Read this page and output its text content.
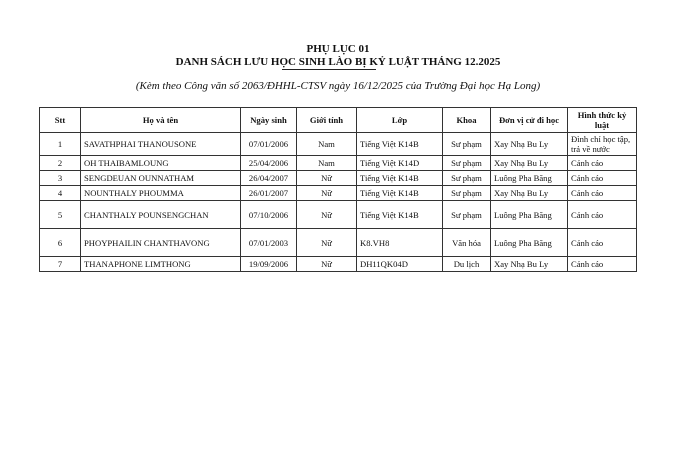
PHỤ LỤC 01
DANH SÁCH LƯU HỌC SINH LÀO BỊ KỶ LUẬT THÁNG 12.2025
(Kèm theo Công văn số 2063/ĐHHL-CTSV ngày 16/12/2025 của Trường Đại học Hạ Long)
Stt	Họ và tên	Ngày sinh	Giới tính	Lớp	Khoa	Đơn vị cử đi học	Hình thức kỷ luật
1	SAVATHPHAI THANOUSONE	07/01/2006	Nam	Tiếng Việt K14B	Sư phạm	Xay Nhạ Bu Ly	Đình chỉ học tập, trả về nước
2	OH THAIBAMLOUNG	25/04/2006	Nam	Tiếng Việt K14D	Sư phạm	Xay Nhạ Bu Ly	Cảnh cáo
3	SENGDEUAN OUNNATHAM	26/04/2007	Nữ	Tiếng Việt K14B	Sư phạm	Luông Pha Băng	Cảnh cáo
4	NOUNTHALY PHOUMMA	26/01/2007	Nữ	Tiếng Việt K14B	Sư phạm	Xay Nhạ Bu Ly	Cảnh cáo
5	CHANTHALY POUNSENGCHAN	07/10/2006	Nữ	Tiếng Việt K14B	Sư phạm	Luông Pha Băng	Cảnh cáo
6	PHOYPHAILIN CHANTHAVONG	07/01/2003	Nữ	K8.VH8	Văn hóa	Luông Pha Băng	Cảnh cáo
7	THANAPHONE LIMTHONG	19/09/2006	Nữ	DH11QK04D	Du lịch	Xay Nhạ Bu Ly	Cảnh cáo
